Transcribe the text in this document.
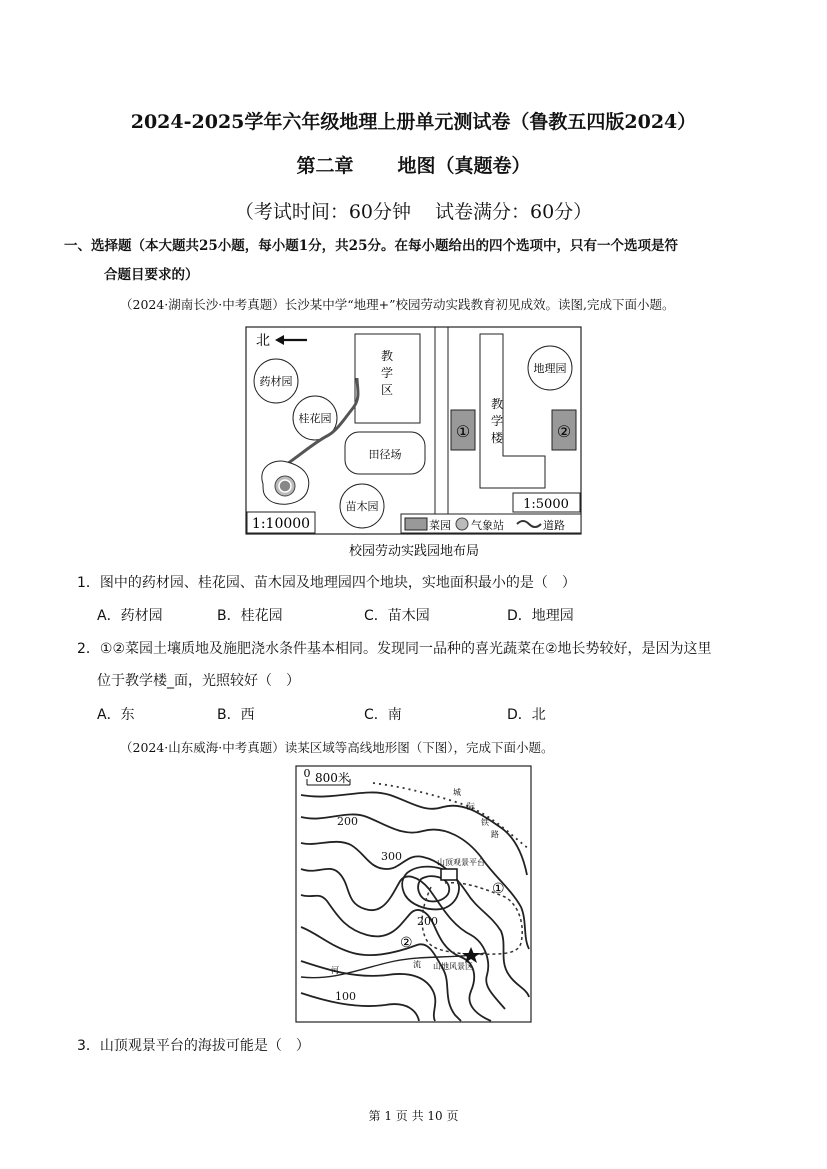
2024-2025学年六年级地理上册单元测试卷（鲁教五四版2024）
第二章 地图（真题卷）
（考试时间：60分钟 试卷满分：60分）
一、选择题（本大题共25小题，每小题1分，共25分。在每小题给出的四个选项中，只有一个选项是符
合题目要求的）
（2024·湖南长沙·中考真题）长沙某中学“地理+”校园劳动实践教育初见成效。读图,完成下面小题。
北
教
学
区
药材园
桂花园
田径场
苗木园
教
学
楼
地理园
①	②
1:5000
1:10000	菜园 气象站	道路
校园劳动实践园地布局
1．图中的药材园、桂花园、苗木园及地理园四个地块，实地面积最小的是（　）
A．药材园	B．桂花园	C．苗木园	D．地理园
2．①②菜园土壤质地及施肥浇水条件基本相同。发现同一品种的喜光蔬菜在②地长势较好，是因为这里
位于教学楼_面，光照较好（　）
A．东	B．西	C．南	D．北
（2024·山东威海·中考真题）读某区域等高线地形图（下图），完成下面小题。
0 800米
城
际
铁
路
山顶观景平台
①
②
山地风景区
河
流
200
300
200
100
3．山顶观景平台的海拔可能是（　）
第 1 页 共 10 页
